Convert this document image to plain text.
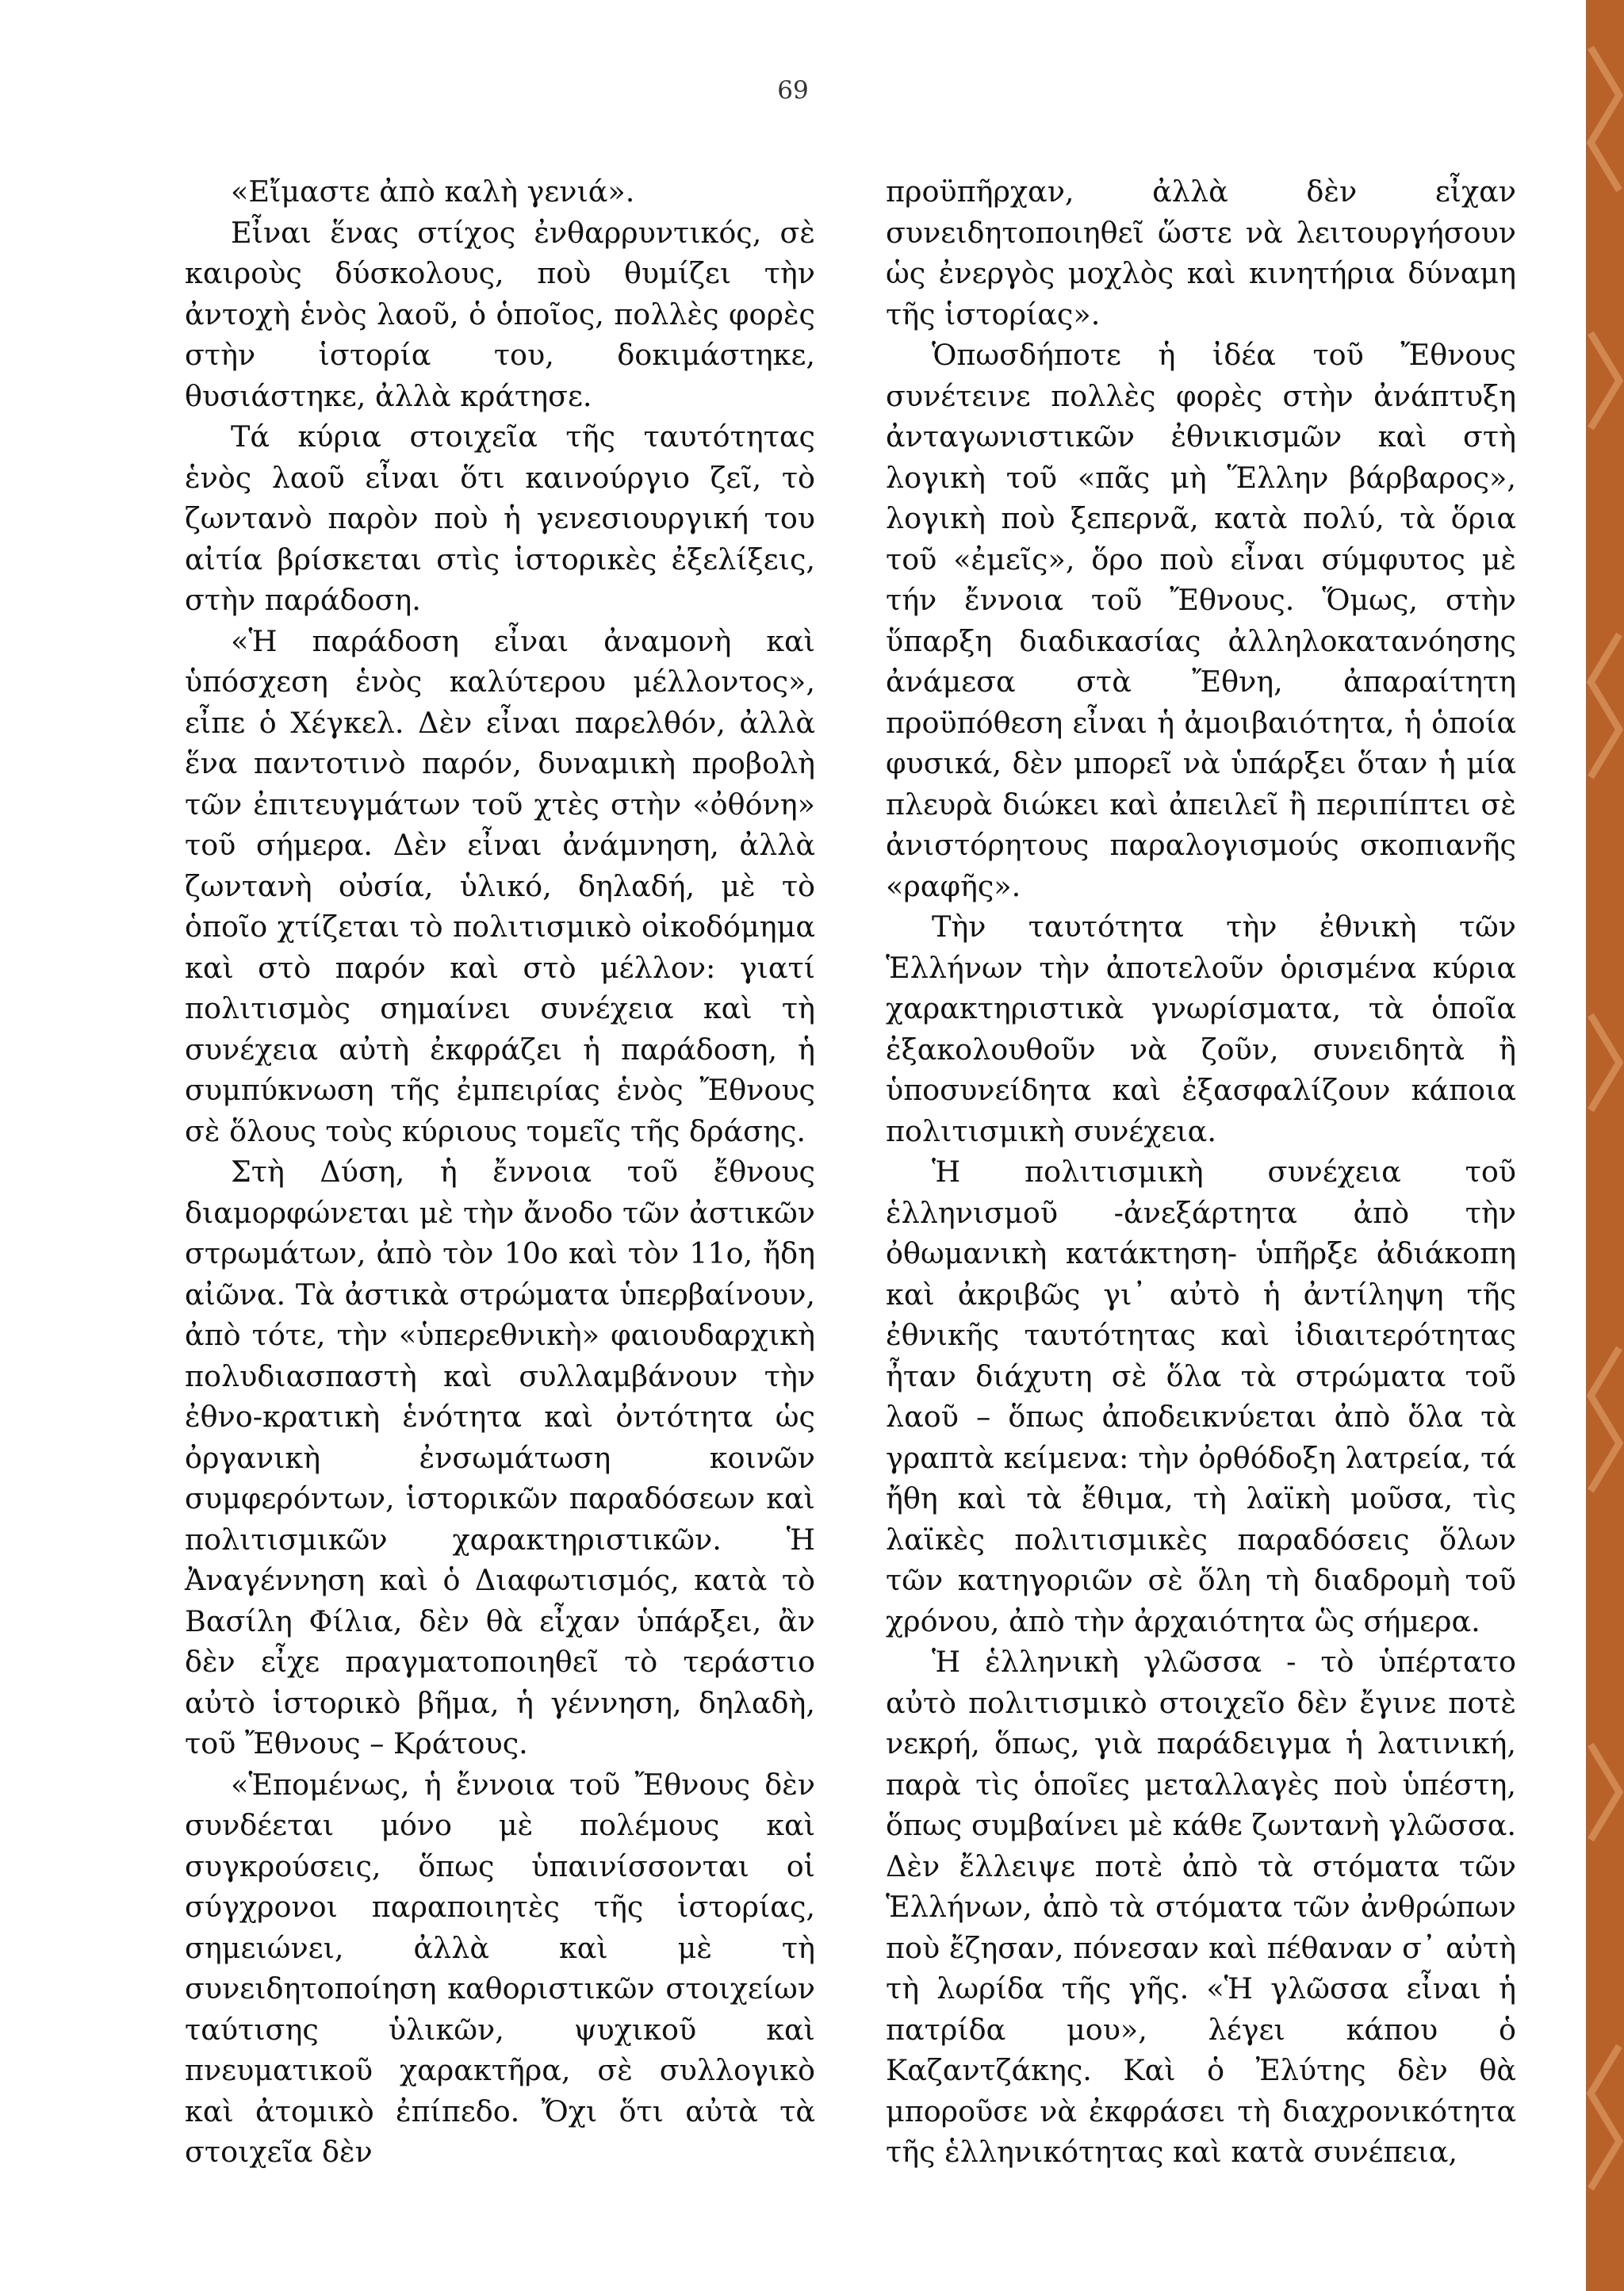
69

«Εἴμαστε ἀπὸ καλὴ γενιά».

Εἶναι ἕνας στίχος ἐνθαρρυντικός, σὲ καιροὺς δύσκολους, ποὺ θυμίζει τὴν ἀντοχὴ ἑνὸς λαοῦ, ὁ ὁποῖος, πολλὲς φορὲς στὴν ἱστορία του, δοκιμάστηκε, θυσιάστηκε, ἀλλὰ κράτησε.

Τά κύρια στοιχεῖα τῆς ταυτότητας ἑνὸς λαοῦ εἶναι ὅτι καινούργιο ζεῖ, τὸ ζωντανὸ παρὸν ποὺ ἡ γενεσιουργική του αἰτία βρίσκεται στὶς ἱστορικὲς ἐξελίξεις, στὴν παράδοση.

«Ἡ παράδοση εἶναι ἀναμονὴ καὶ ὑπόσχεση ἑνὸς καλύτερου μέλλοντος», εἶπε ὁ Χέγκελ. Δὲν εἶναι παρελθόν, ἀλλὰ ἕνα παντοτινὸ παρόν, δυναμικὴ προβολὴ τῶν ἐπιτευγμάτων τοῦ χτὲς στὴν «ὀθόνη» τοῦ σήμερα. Δὲν εἶναι ἀνάμνηση, ἀλλὰ ζωντανὴ οὐσία, ὑλικό, δηλαδή, μὲ τὸ ὁποῖο χτίζεται τὸ πολιτισμικὸ οἰκοδόμημα καὶ στὸ παρόν καὶ στὸ μέλλον: γιατί πολιτισμὸς σημαίνει συνέχεια καὶ τὴ συνέχεια αὐτὴ ἐκφράζει ἡ παράδοση, ἡ συμπύκνωση τῆς ἐμπειρίας ἑνὸς Ἔθνους σὲ ὅλους τοὺς κύριους τομεῖς τῆς δράσης.

Στὴ Δύση, ἡ ἔννοια τοῦ ἔθνους διαμορφώνεται μὲ τὴν ἄνοδο τῶν ἀστικῶν στρωμάτων, ἀπὸ τὸν 10ο καὶ τὸν 11ο, ἤδη αἰῶνα. Τὰ ἀστικὰ στρώματα ὑπερβαίνουν, ἀπὸ τότε, τὴν «ὑπερεθνικὴ» φαιουδαρχικὴ πολυδιασπαστὴ καὶ συλλαμβάνουν τὴν ἐθνο-κρατικὴ ἑνότητα καὶ ὀντότητα ὡς ὀργανικὴ ἐνσωμάτωση κοινῶν συμφερόντων, ἱστορικῶν παραδόσεων καὶ πολιτισμικῶν χαρακτηριστικῶν. Ἡ Ἀναγέννηση καὶ ὁ Διαφωτισμός, κατὰ τὸ Βασίλη Φίλια, δὲν θὰ εἶχαν ὑπάρξει, ἂν δὲν εἶχε πραγματοποιηθεῖ τὸ τεράστιο αὐτὸ ἱστορικὸ βῆμα, ἡ γέννηση, δηλαδὴ, τοῦ Ἔθνους – Κράτους.

«Ἑπομένως, ἡ ἔννοια τοῦ Ἔθνους δὲν συνδέεται μόνο μὲ πολέμους καὶ συγκρούσεις, ὅπως ὑπαινίσσονται οἱ σύγχρονοι παραποιητὲς τῆς ἱστορίας, σημειώνει, ἀλλὰ καὶ μὲ τὴ συνειδητοποίηση καθοριστικῶν στοιχείων ταύτισης ὑλικῶν, ψυχικοῦ καὶ πνευματικοῦ χαρακτῆρα, σὲ συλλογικὸ καὶ ἀτομικὸ ἐπίπεδο. Ὄχι ὅτι αὐτὰ τὰ στοιχεῖα δὲν

προϋπῆρχαν, ἀλλὰ δὲν εἶχαν συνειδητοποιηθεῖ ὥστε νὰ λειτουργήσουν ὡς ἐνεργὸς μοχλὸς καὶ κινητήρια δύναμη τῆς ἱστορίας».

Ὁπωσδήποτε ἡ ἰδέα τοῦ Ἔθνους συνέτεινε πολλὲς φορὲς στὴν ἀνάπτυξη ἀνταγωνιστικῶν ἐθνικισμῶν καὶ στὴ λογικὴ τοῦ «πᾶς μὴ Ἕλλην βάρβαρος», λογικὴ ποὺ ξεπερνᾶ, κατὰ πολύ, τὰ ὅρια τοῦ «ἐμεῖς», ὅρο ποὺ εἶναι σύμφυτος μὲ τήν ἔννοια τοῦ Ἔθνους. Ὅμως, στὴν ὕπαρξη διαδικασίας ἀλληλοκατανόησης ἀνάμεσα στὰ Ἔθνη, ἀπαραίτητη προϋπόθεση εἶναι ἡ ἀμοιβαιότητα, ἡ ὁποία φυσικά, δὲν μπορεῖ νὰ ὑπάρξει ὅταν ἡ μία πλευρὰ διώκει καὶ ἀπειλεῖ ἢ περιπίπτει σὲ ἀνιστόρητους παραλογισμούς σκοπιανῆς «ραφῆς».

Τὴν ταυτότητα τὴν ἐθνικὴ τῶν Ἑλλήνων τὴν ἀποτελοῦν ὁρισμένα κύρια χαρακτηριστικὰ γνωρίσματα, τὰ ὁποῖα ἐξακολουθοῦν νὰ ζοῦν, συνειδητὰ ἢ ὑποσυνείδητα καὶ ἐξασφαλίζουν κάποια πολιτισμικὴ συνέχεια.

Ἡ πολιτισμικὴ συνέχεια τοῦ ἑλληνισμοῦ -ἀνεξάρτητα ἀπὸ τὴν ὀθωμανικὴ κατάκτηση- ὑπῆρξε ἀδιάκοπη καὶ ἀκριβῶς γι᾽ αὐτὸ ἡ ἀντίληψη τῆς ἐθνικῆς ταυτότητας καὶ ἰδιαιτερότητας ἦταν διάχυτη σὲ ὅλα τὰ στρώματα τοῦ λαοῦ – ὅπως ἀποδεικνύεται ἀπὸ ὅλα τὰ γραπτὰ κείμενα: τὴν ὀρθόδοξη λατρεία, τά ἤθη καὶ τὰ ἔθιμα, τὴ λαϊκὴ μοῦσα, τὶς λαϊκὲς πολιτισμικὲς παραδόσεις ὅλων τῶν κατηγοριῶν σὲ ὅλη τὴ διαδρομὴ τοῦ χρόνου, ἀπὸ τὴν ἀρχαιότητα ὣς σήμερα.

Ἡ ἑλληνικὴ γλῶσσα - τὸ ὑπέρτατο αὐτὸ πολιτισμικὸ στοιχεῖο δὲν ἔγινε ποτὲ νεκρή, ὅπως, γιὰ παράδειγμα ἡ λατινική, παρὰ τὶς ὁποῖες μεταλλαγὲς ποὺ ὑπέστη, ὅπως συμβαίνει μὲ κάθε ζωντανὴ γλῶσσα. Δὲν ἔλλειψε ποτὲ ἀπὸ τὰ στόματα τῶν Ἑλλήνων, ἀπὸ τὰ στόματα τῶν ἀνθρώπων ποὺ ἔζησαν, πόνεσαν καὶ πέθαναν σ᾽ αὐτὴ τὴ λωρίδα τῆς γῆς. «Ἡ γλῶσσα εἶναι ἡ πατρίδα μου», λέγει κάπου ὁ Καζαντζάκης. Καὶ ὁ Ἐλύτης δὲν θὰ μποροῦσε νὰ ἐκφράσει τὴ διαχρονικότητα τῆς ἑλληνικότητας καὶ κατὰ συνέπεια,
